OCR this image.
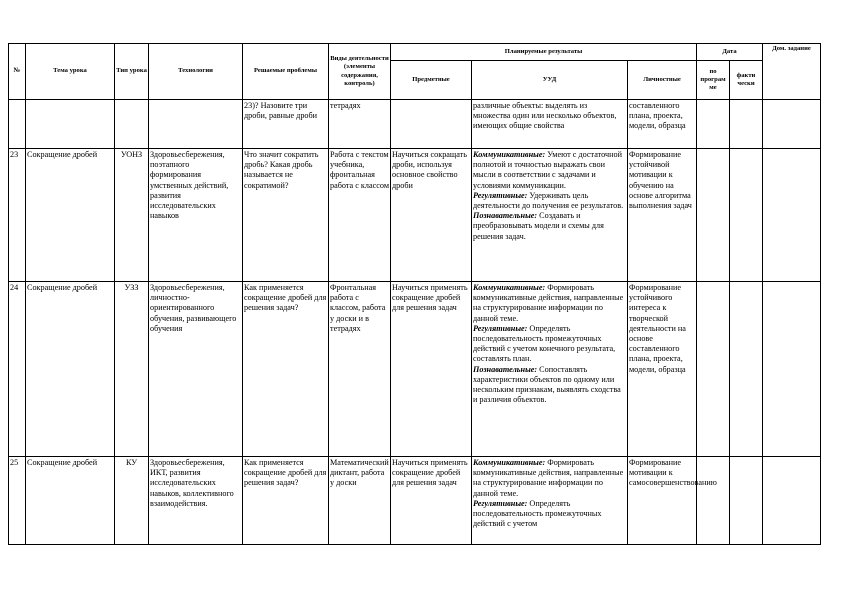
№	Тема урока	Тип урока	Технологии	Решаемые проблемы	Виды деятельности (элементы содержания, контроль)	Планируемые результаты			Дата		Дом. задание
						Предметные	УУД	Личностные	по програм ме	факти чески	
				23)? Назовите три дроби, равные дроби	тетрадях		различные объекты: выделять из множества один или несколько объектов, имеющих общие свойства	составленного плана, проекта, модели, образца			
23	Сокращение дробей	УОНЗ	Здоровьесбережения, поэтапного формирования умственных действий, развития исследовательских навыков	Что значит сократить дробь? Какая дробь называется не сократимой?	Работа с текстом учебника, фронтальная работа с классом	Научиться сокращать дроби, используя основное свойство дроби	Коммуникативные: Умеют с достаточной полнотой и точностью выражать свои мысли в соответствии с задачами и условиями коммуникации.
Регулятивные: Удерживать цель деятельности до получения ее результатов.
Познавательные: Создавать и преобразовывать модели и схемы для решения задач.	Формирование устойчивой мотивации к обучению на основе алгоритма выполнения задач			
24	Сокращение дробей	УЗЗ	Здоровьесбережения, личностно-ориентированного обучения, развивающего обучения	Как применяется сокращение дробей для решения задач?	Фронтальная работа с классом, работа у доски и в тетрадях	Научиться применять сокращение дробей для решения задач	Коммуникативные: Формировать коммуникативные действия, направленные на структурирование информации по данной теме.
Регулятивные: Определять последовательность промежуточных действий с учетом конечного результата, составлять план.
Познавательные: Сопоставлять характеристики объектов по одному или нескольким признакам, выявлять сходства и различия объектов.	Формирование устойчивого интереса к творческой деятельности на основе составленного плана, проекта, модели, образца			
25	Сокращение дробей	КУ	Здоровьесбережения, ИКТ, развития исследовательских навыков, коллективного взаимодействия.	Как применяется сокращение дробей для решения задач?	Математический диктант, работа у доски	Научиться применять сокращение дробей для решения задач	Коммуникативные: Формировать коммуникативные действия, направленные на структурирование информации по данной теме.
Регулятивные: Определять последовательность промежуточных действий с учетом	Формирование мотивации к самосовершенствованию			
